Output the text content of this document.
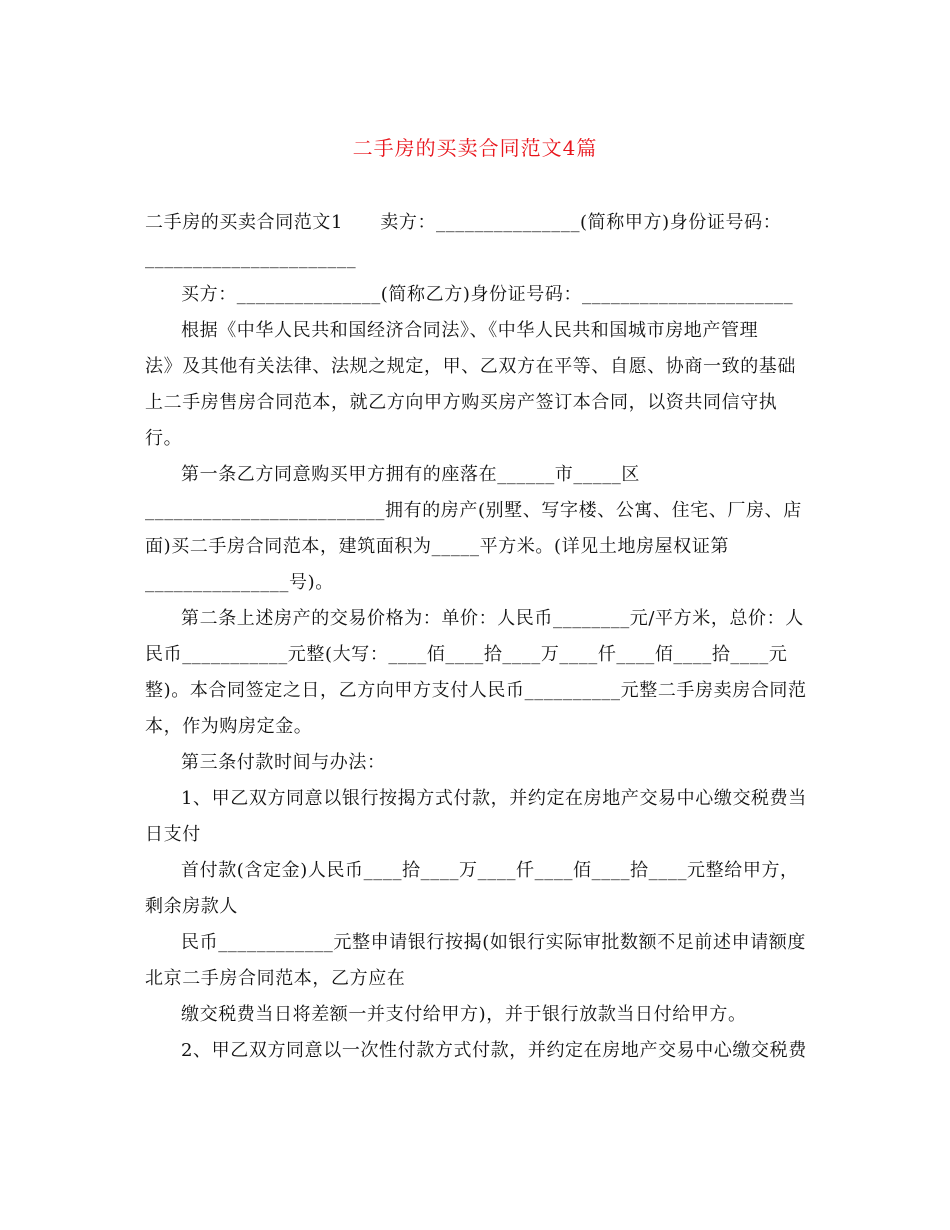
二手房的买卖合同范文4篇

二手房的买卖合同范文1　　卖方：_______________(简称甲方)身份证号码：
______________________

买方：_______________(简称乙方)身份证号码：______________________

根据《中华人民共和国经济合同法》、《中华人民共和国城市房地产管理
法》及其他有关法律、法规之规定，甲、乙双方在平等、自愿、协商一致的基础
上二手房售房合同范本，就乙方向甲方购买房产签订本合同，以资共同信守执
行。

第一条乙方同意购买甲方拥有的座落在______市_____区
_________________________拥有的房产(别墅、写字楼、公寓、住宅、厂房、店
面)买二手房合同范本，建筑面积为_____平方米。(详见土地房屋权证第
_______________号)。

第二条上述房产的交易价格为：单价：人民币________元/平方米，总价：人
民币___________元整(大写：____佰____拾____万____仟____佰____拾____元
整)。本合同签定之日，乙方向甲方支付人民币__________元整二手房卖房合同范
本，作为购房定金。

第三条付款时间与办法：

1、甲乙双方同意以银行按揭方式付款，并约定在房地产交易中心缴交税费当
日支付

首付款(含定金)人民币____拾____万____仟____佰____拾____元整给甲方，
剩余房款人

民币____________元整申请银行按揭(如银行实际审批数额不足前述申请额度
北京二手房合同范本，乙方应在

缴交税费当日将差额一并支付给甲方)，并于银行放款当日付给甲方。

2、甲乙双方同意以一次性付款方式付款，并约定在房地产交易中心缴交税费
